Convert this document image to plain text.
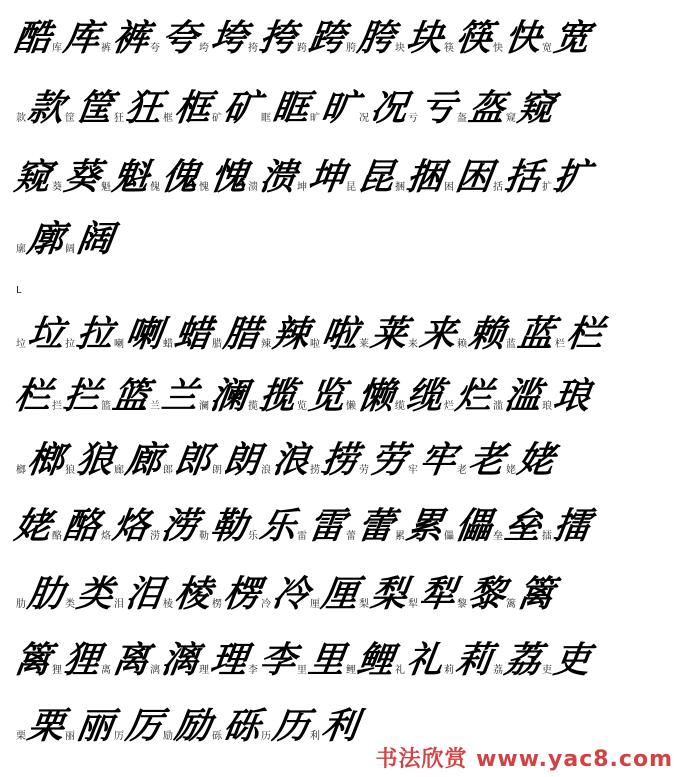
酷
库 库
裤 裤
夸 夸
垮 垮
挎 挎
跨 跨
胯 胯
块 块
筷 筷
快 快
宽 宽
款 款
筐 筐
狂 狂
框 框
矿 矿
眶 眶
旷 旷
况 况
亏 亏
盔 盔
窥 窥
窥
葵 葵
魁 魁
傀 傀
愧 愧
溃 溃
坤 坤
昆 昆
捆 捆
困 困
括 括
扩 扩
廓 廓
阔 阔
垃 垃
拉 拉
喇 喇
蜡 蜡
腊 腊
辣 辣
啦 啦
莱 莱
来 来
赖 赖
蓝 蓝
栏 栏
栏
拦 拦
篮 篮
兰 兰
澜 澜
揽 揽
览 览
懒 懒
缆 缆
烂 烂
滥 滥
琅 琅
榔 榔
狼 狼
廊 廊
郎 郎
朗 朗
浪 浪
捞 捞
劳 劳
牢 牢
老 老
姥 姥
姥
酪 酪
烙 烙
涝 涝
勒 勒
乐 乐
雷 雷
蕾 蕾
累 累
儡 儡
垒 垒
擂 擂
肋 肋
类 类
泪 泪
棱 棱
楞 楞
冷 冷
厘 厘
梨 梨
犁 犁
黎 黎
篱 篱
篱
狸 狸
离 离
漓 漓
理 理
李 李
里 里
鲤 鲤
礼 礼
莉 莉
荔 荔
吏 吏
栗 栗
丽 丽
厉 厉
励 励
砾 砾
历 历
利 利
L
书法欣赏 www.yac8.com
